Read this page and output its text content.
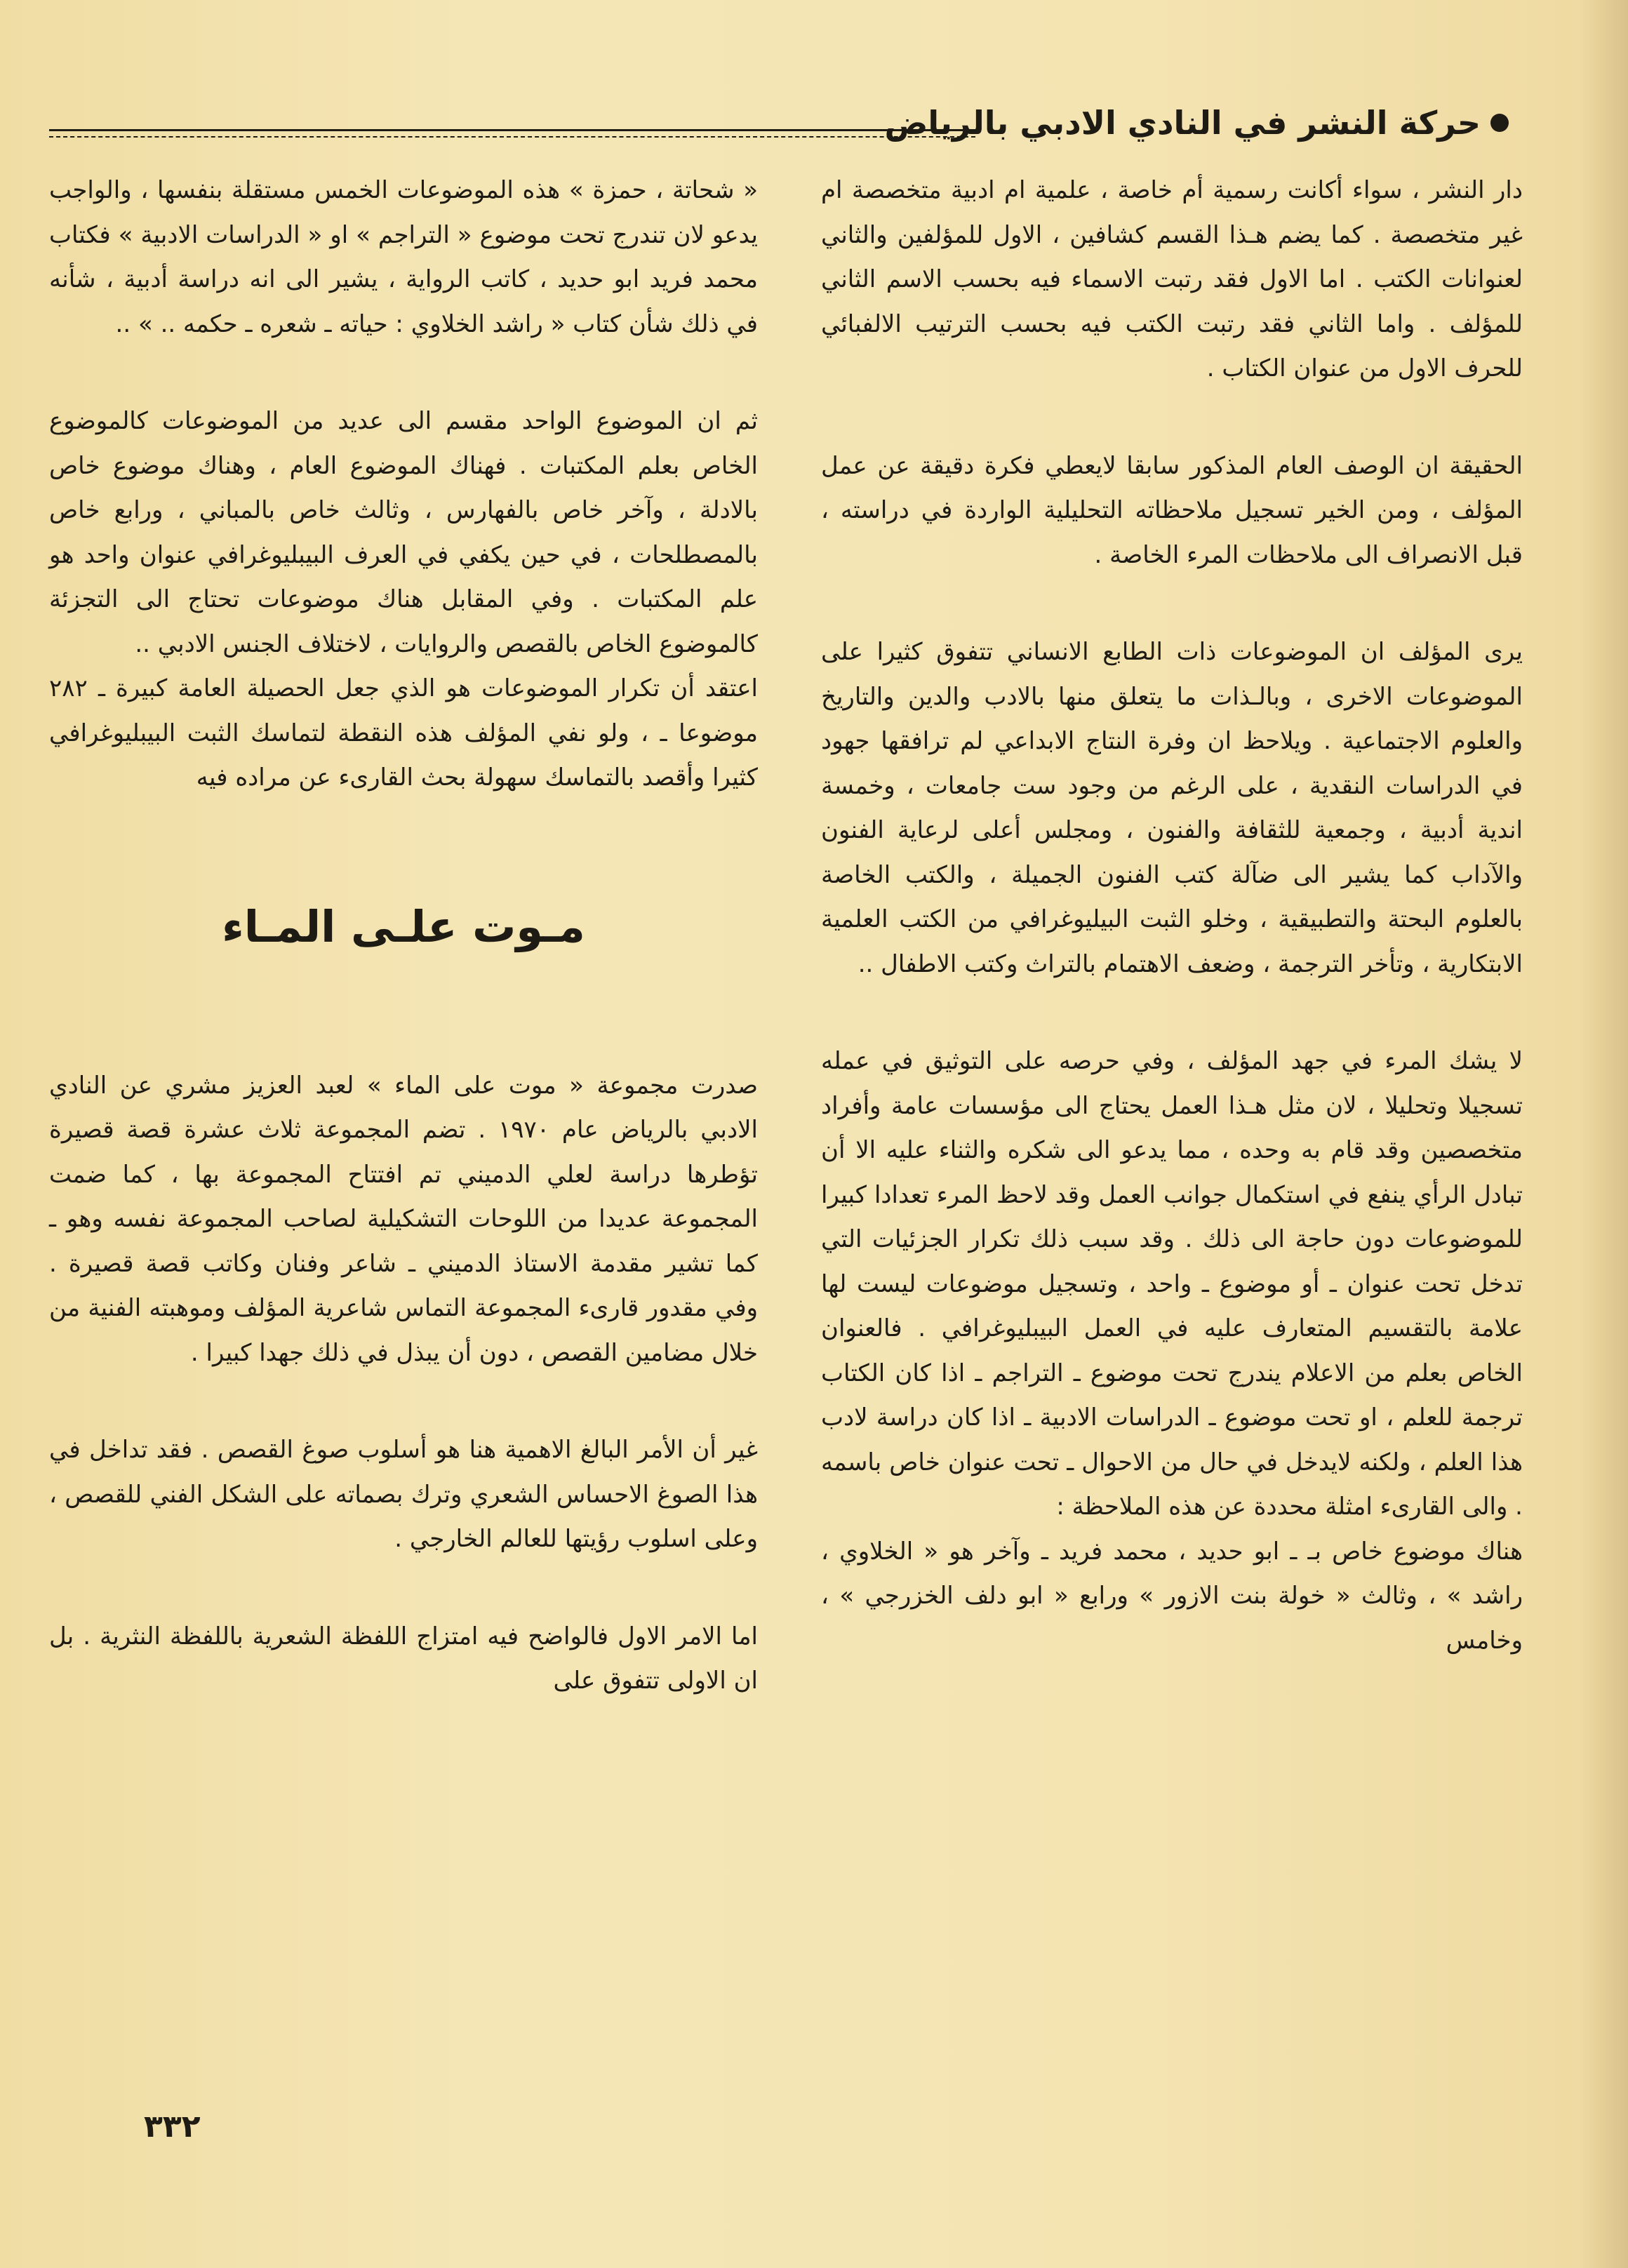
حركة النشر في النادي الادبي بالرياض

دار النشر ، سواء أكانت رسمية أم خاصة ، علمية ام ادبية متخصصة ام غير متخصصة . كما يضم هـذا القسم كشافين ، الاول للمؤلفين والثاني لعنوانات الكتب . اما الاول فقد رتبت الاسماء فيه بحسب الاسم الثاني للمؤلف . واما الثاني فقد رتبت الكتب فيه بحسب الترتيب الالفبائي للحرف الاول من عنوان الكتاب .

الحقيقة ان الوصف العام المذكور سابقا لايعطي فكرة دقيقة عن عمل المؤلف ، ومن الخير تسجيل ملاحظاته التحليلية الواردة في دراسته ، قبل الانصراف الى ملاحظات المرء الخاصة .

يرى المؤلف ان الموضوعات ذات الطابع الانساني تتفوق كثيرا على الموضوعات الاخرى ، وبالـذات ما يتعلق منها بالادب والدين والتاريخ والعلوم الاجتماعية . ويلاحظ ان وفرة النتاج الابداعي لم ترافقها جهود في الدراسات النقدية ، على الرغم من وجود ست جامعات ، وخمسة اندية أدبية ، وجمعية للثقافة والفنون ، ومجلس أعلى لرعاية الفنون والآداب كما يشير الى ضآلة كتب الفنون الجميلة ، والكتب الخاصة بالعلوم البحتة والتطبيقية ، وخلو الثبت البيليوغرافي من الكتب العلمية الابتكارية ، وتأخر الترجمة ، وضعف الاهتمام بالتراث وكتب الاطفال ..

لا يشك المرء في جهد المؤلف ، وفي حرصه على التوثيق في عمله تسجيلا وتحليلا ، لان مثل هـذا العمل يحتاج الى مؤسسات عامة وأفراد متخصصين وقد قام به وحده ، مما يدعو الى شكره والثناء عليه الا أن تبادل الرأي ينفع في استكمال جوانب العمل وقد لاحظ المرء تعدادا كبيرا للموضوعات دون حاجة الى ذلك . وقد سبب ذلك تكرار الجزئيات التي تدخل تحت عنوان ـ أو موضوع ـ واحد ، وتسجيل موضوعات ليست لها علامة بالتقسيم المتعارف عليه في العمل البيبليوغرافي . فالعنوان الخاص بعلم من الاعلام يندرج تحت موضوع ـ التراجم ـ اذا كان الكتاب ترجمة للعلم ، او تحت موضوع ـ الدراسات الادبية ـ اذا كان دراسة لادب هذا العلم ، ولكنه لايدخل في حال من الاحوال ـ تحت عنوان خاص باسمه . والى القارىء امثلة محددة عن هذه الملاحظة :

هناك موضوع خاص بـ ـ ابو حديد ، محمد فريد ـ وآخر هو « الخلاوي ، راشد » ، وثالث « خولة بنت الازور » ورابع « ابو دلف الخزرجي » ، وخامس

« شحاتة ، حمزة » هذه الموضوعات الخمس مستقلة بنفسها ، والواجب يدعو لان تندرج تحت موضوع « التراجم » او « الدراسات الادبية » فكتاب محمد فريد ابو حديد ، كاتب الرواية ، يشير الى انه دراسة أدبية ، شأنه في ذلك شأن كتاب « راشد الخلاوي : حياته ـ شعره ـ حكمه .. » ..

ثم ان الموضوع الواحد مقسم الى عديد من الموضوعات كالموضوع الخاص بعلم المكتبات . فهناك الموضوع العام ، وهناك موضوع خاص بالادلة ، وآخر خاص بالفهارس ، وثالث خاص بالمباني ، ورابع خاص بالمصطلحات ، في حين يكفي في العرف البيبليوغرافي عنوان واحد هو علم المكتبات . وفي المقابل هناك موضوعات تحتاج الى التجزئة كالموضوع الخاص بالقصص والروايات ، لاختلاف الجنس الادبي ..

اعتقد أن تكرار الموضوعات هو الذي جعل الحصيلة العامة كبيرة ـ ٢٨٢ موضوعا ـ ، ولو نفي المؤلف هذه النقطة لتماسك الثبت البيبليوغرافي كثيرا وأقصد بالتماسك سهولة بحث القارىء عن مراده فيه

مـوت علـى المـاء

صدرت مجموعة « موت على الماء » لعبد العزيز مشري عن النادي الادبي بالرياض عام ١٩٧٠ . تضم المجموعة ثلاث عشرة قصة قصيرة تؤطرها دراسة لعلي الدميني تم افتتاح المجموعة بها ، كما ضمت المجموعة عديدا من اللوحات التشكيلية لصاحب المجموعة نفسه وهو ـ كما تشير مقدمة الاستاذ الدميني ـ شاعر وفنان وكاتب قصة قصيرة . وفي مقدور قارىء المجموعة التماس شاعرية المؤلف وموهبته الفنية من خلال مضامين القصص ، دون أن يبذل في ذلك جهدا كبيرا .

غير أن الأمر البالغ الاهمية هنا هو أسلوب صوغ القصص . فقد تداخل في هذا الصوغ الاحساس الشعري وترك بصماته على الشكل الفني للقصص ، وعلى اسلوب رؤيتها للعالم الخارجي .

اما الامر الاول فالواضح فيه امتزاج اللفظة الشعرية باللفظة النثرية . بل ان الاولى تتفوق على

٣٣٢
